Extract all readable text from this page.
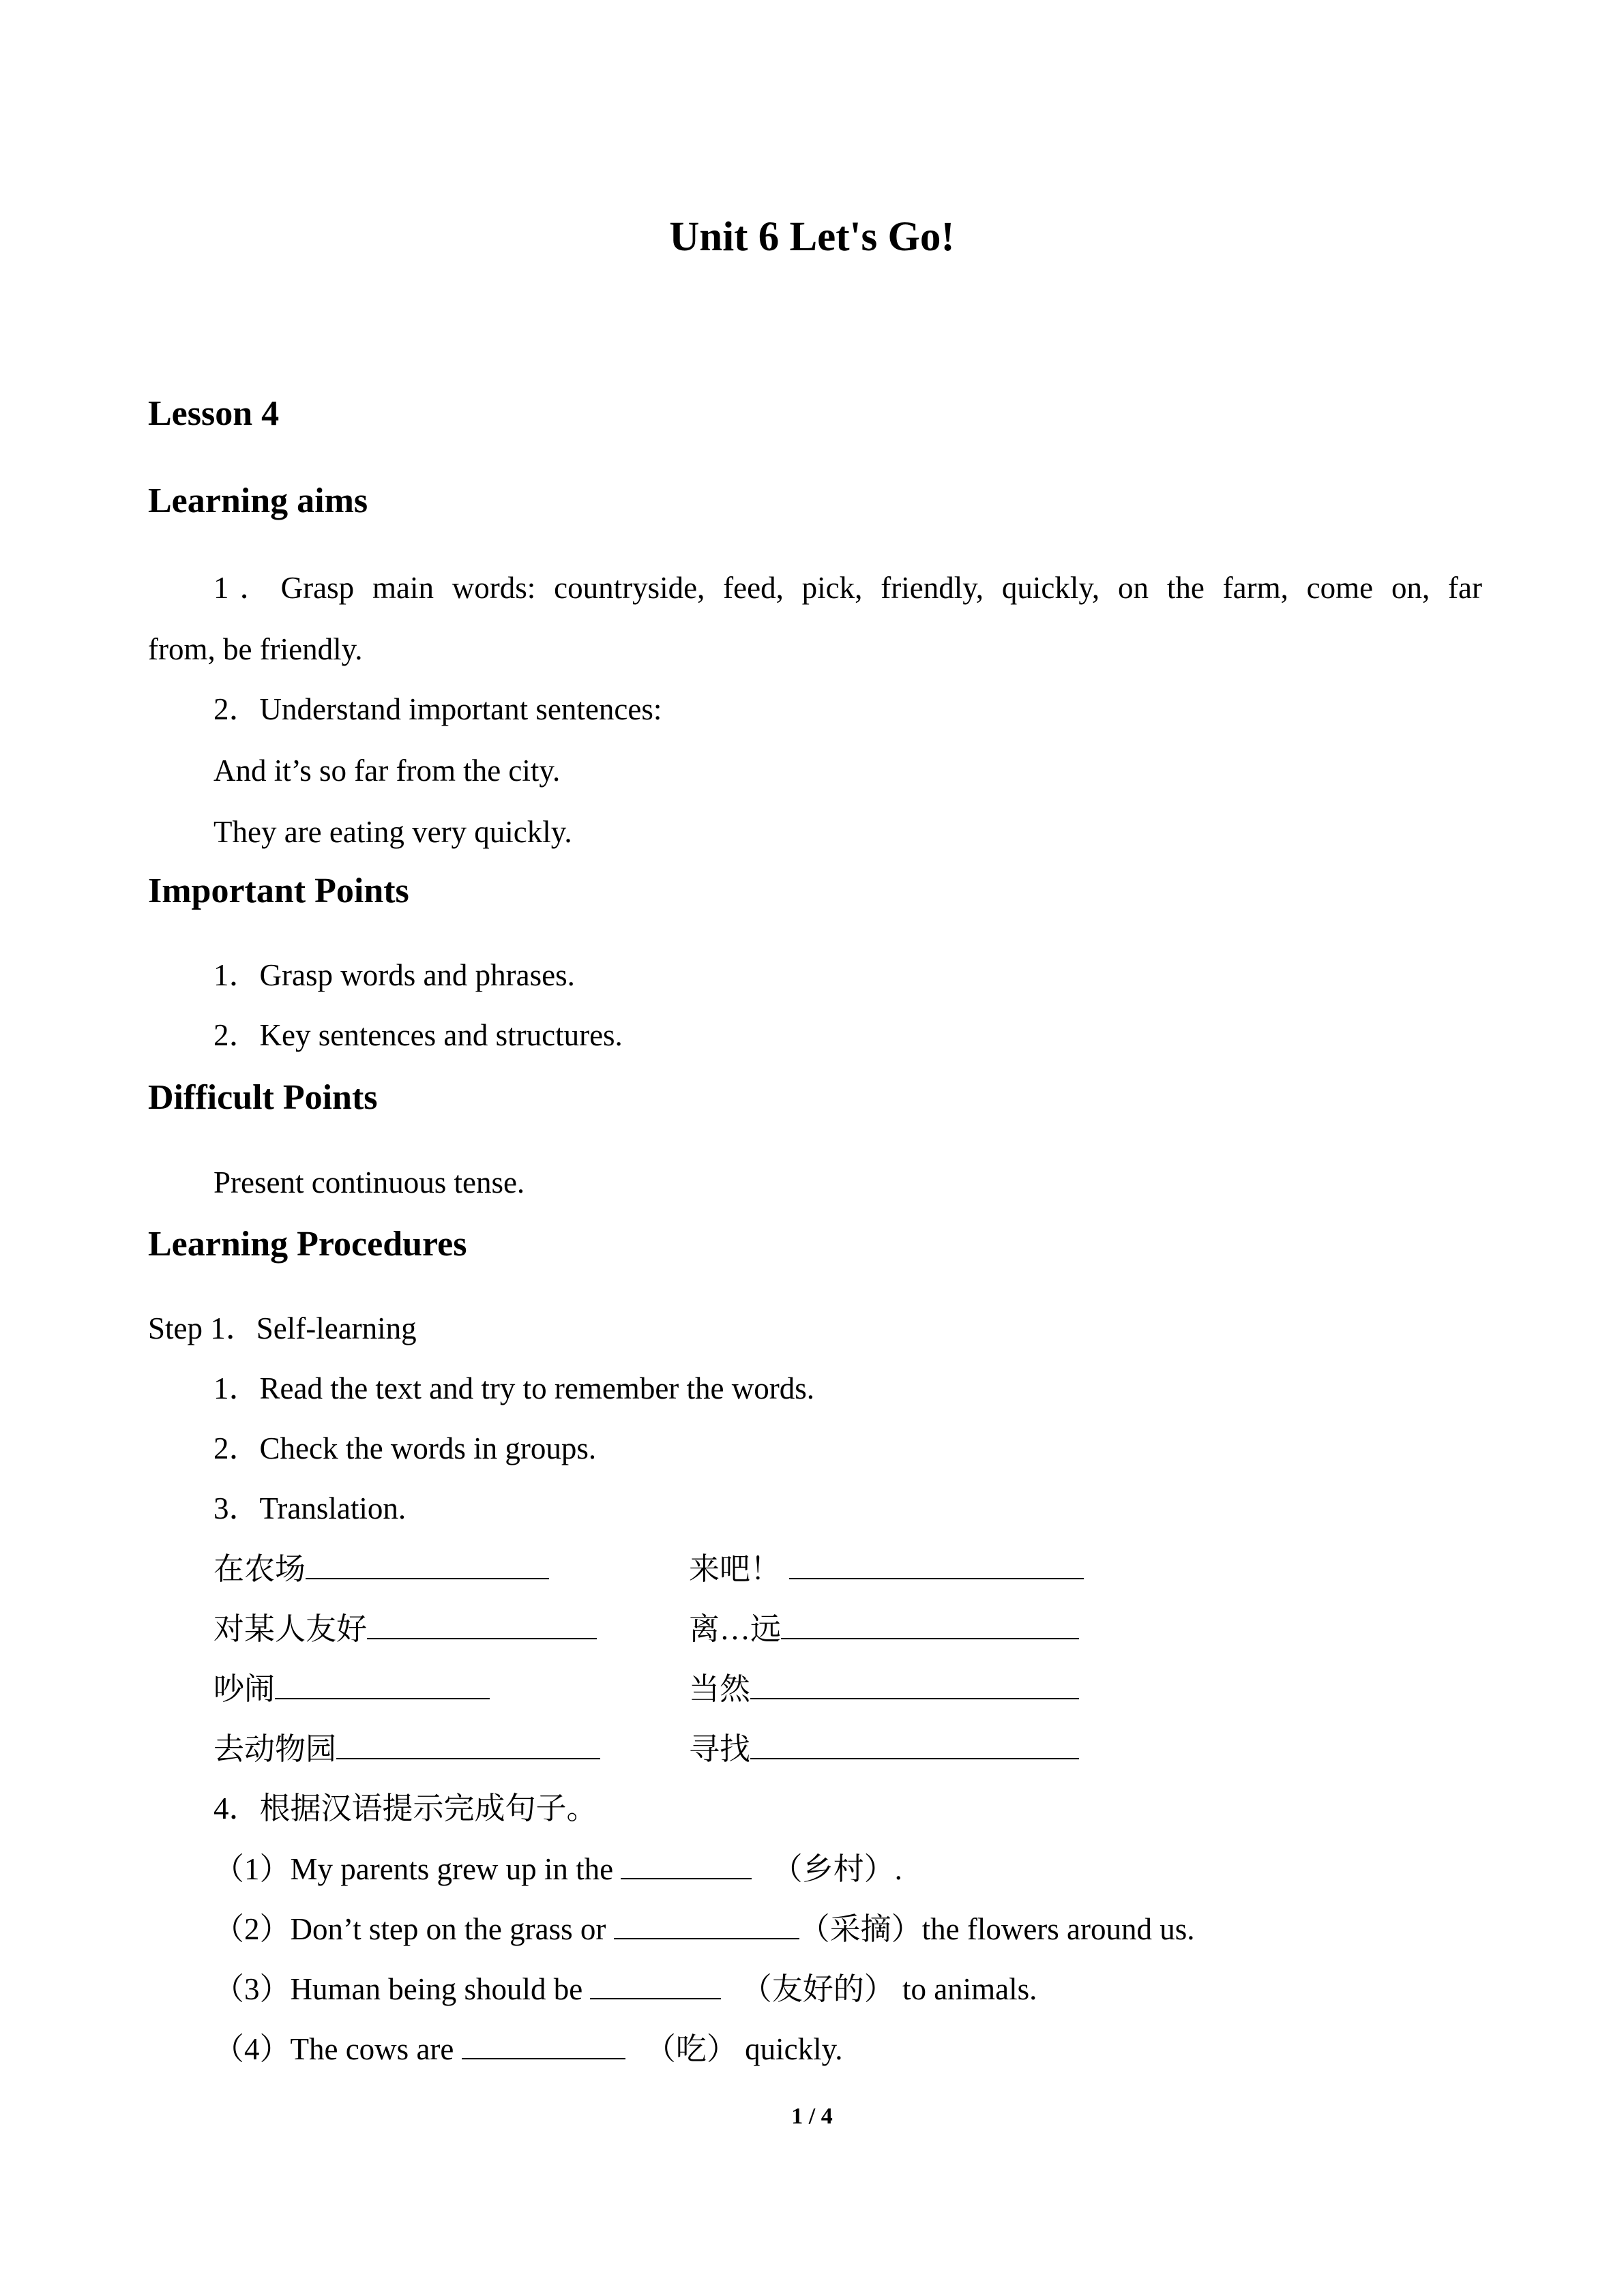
Unit 6 Let's Go!
Lesson 4
Learning aims
1．Grasp main words: countryside, feed, pick, friendly, quickly, on the farm, come on, far
from, be friendly.
2．Understand important sentences:
And it’s so far from the city.
They are eating very quickly.
Important Points
1．Grasp words and phrases.
2．Key sentences and structures.
Difficult Points
Present continuous tense.
Learning Procedures
Step 1．Self-learning
1．Read the text and try to remember the words.
2．Check the words in groups.
3．Translation.
在农场	来吧！
对某人友好	离…远
吵闹	当然
去动物园	寻找
4．根据汉语提示完成句子。
（1）My parents grew up in the	（乡村）.
（2）Don’t step on the grass or	（采摘）the flowers around us.
（3）Human being should be	（友好的） to animals.
（4）The cows are	（吃） quickly.
1 / 4
